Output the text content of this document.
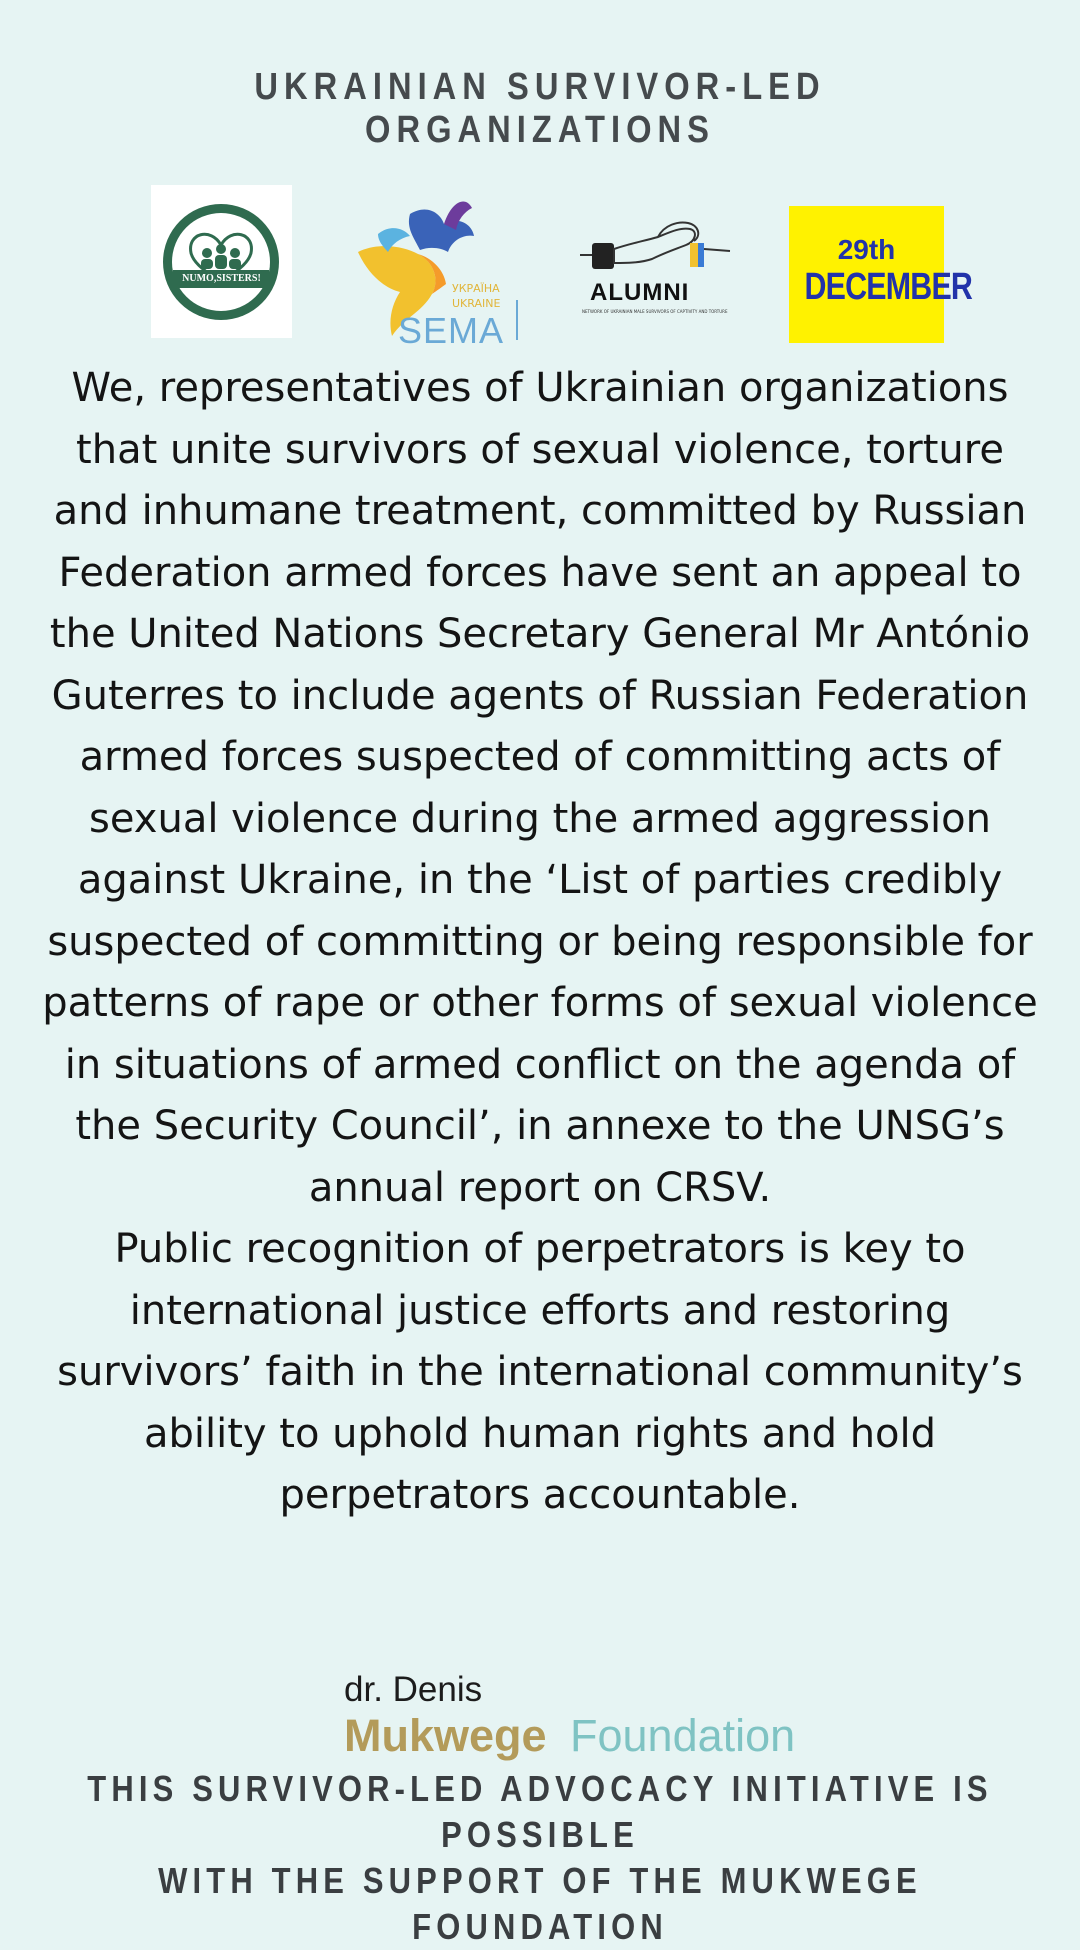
UKRAINIAN SURVIVOR-LED ORGANIZATIONS
NUMO,SISTERS!
УКРАЇНА
UKRAINE
SEMA
ALUMNI
NETWORK OF UKRAINIAN MALE SURVIVORS OF CAPTIVITY AND TORTURE
29th
DECEMBER

We, representatives of Ukrainian organizations that unite survivors of sexual violence, torture and inhumane treatment, committed by Russian Federation armed forces have sent an appeal to the United Nations Secretary General Mr António Guterres to include agents of Russian Federation armed forces suspected of committing acts of sexual violence during the armed aggression against Ukraine, in the ‘List of parties credibly suspected of committing or being responsible for patterns of rape or other forms of sexual violence in situations of armed conflict on the agenda of the Security Council’, in annexe to the UNSG’s annual report on CRSV.

Public recognition of perpetrators is key to international justice efforts and restoring survivors’ faith in the international community’s ability to uphold human rights and hold perpetrators accountable.

dr. Denis
Mukwege Foundation
THIS SURVIVOR-LED ADVOCACY INITIATIVE IS POSSIBLE
WITH THE SUPPORT OF THE MUKWEGE FOUNDATION
